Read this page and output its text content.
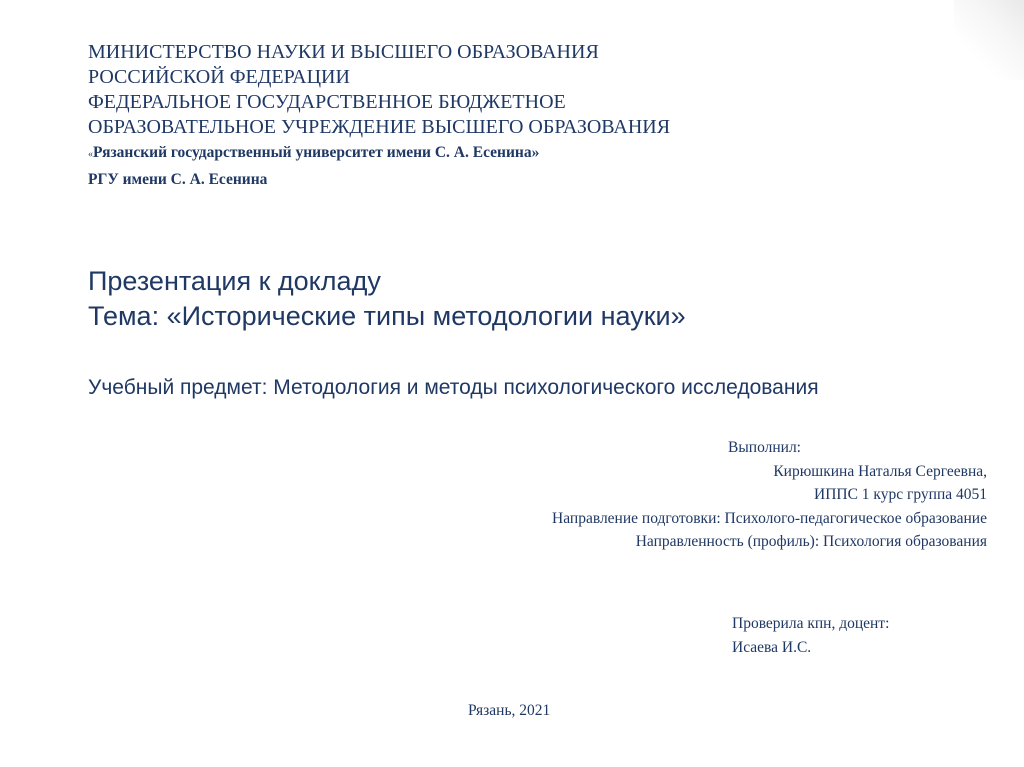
МИНИСТЕРСТВО НАУКИ И ВЫСШЕГО ОБРАЗОВАНИЯ
РОССИЙСКОЙ ФЕДЕРАЦИИ
ФЕДЕРАЛЬНОЕ ГОСУДАРСТВЕННОЕ БЮДЖЕТНОЕ
ОБРАЗОВАТЕЛЬНОЕ УЧРЕЖДЕНИЕ ВЫСШЕГО ОБРАЗОВАНИЯ
«Рязанский государственный университет имени С. А. Есенина»
РГУ имени С. А. Есенина
Презентация к докладу
Тема: «Исторические типы методологии науки»
Учебный предмет: Методология и методы психологического исследования
Выполнил:
Кирюшкина Наталья Сергеевна,
ИППС 1 курс группа 4051
Направление подготовки: Психолого-педагогическое образование
Направленность (профиль): Психология образования
Проверила кпн, доцент:
Исаева И.С.
Рязань, 2021
